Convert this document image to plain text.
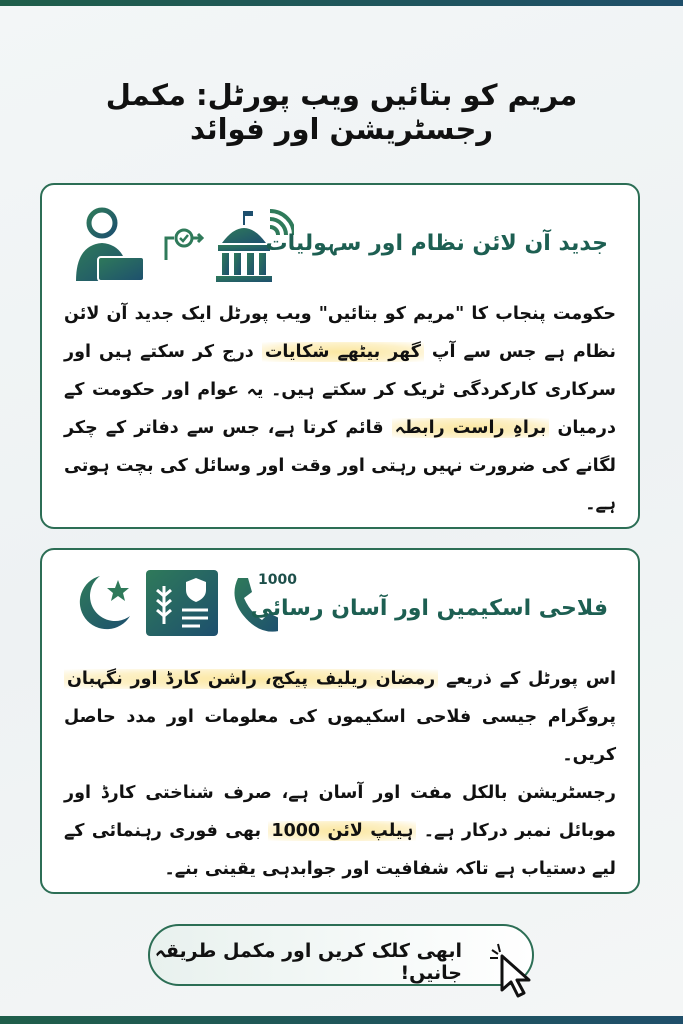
مریم کو بتائیں ویب پورٹل: مکمل رجسٹریشن اور فوائد
جدید آن لائن نظام اور سہولیات

حکومت پنجاب کا "مریم کو بتائیں" ویب پورٹل ایک جدید آن لائن نظام ہے جس سے آپ گھر بیٹھے شکایات درج کر سکتے ہیں اور سرکاری کارکردگی ٹریک کر سکتے ہیں۔ یہ عوام اور حکومت کے درمیان براہِ راست رابطہ قائم کرتا ہے، جس سے دفاتر کے چکر لگانے کی ضرورت نہیں رہتی اور وقت اور وسائل کی بچت ہوتی ہے۔

1000
فلاحی اسکیمیں اور آسان رسائی
اس پورٹل کے ذریعے رمضان ریلیف پیکج، راشن کارڈ اور نگہبان پروگرام جیسی فلاحی اسکیموں کی معلومات اور مدد حاصل کریں۔
رجسٹریشن بالکل مفت اور آسان ہے، صرف شناختی کارڈ اور موبائل نمبر درکار ہے۔ ہیلپ لائن 1000 بھی فوری رہنمائی کے لیے دستیاب ہے تاکہ شفافیت اور جوابدہی یقینی بنے۔
ابھی کلک کریں اور مکمل طریقہ جانیں!
